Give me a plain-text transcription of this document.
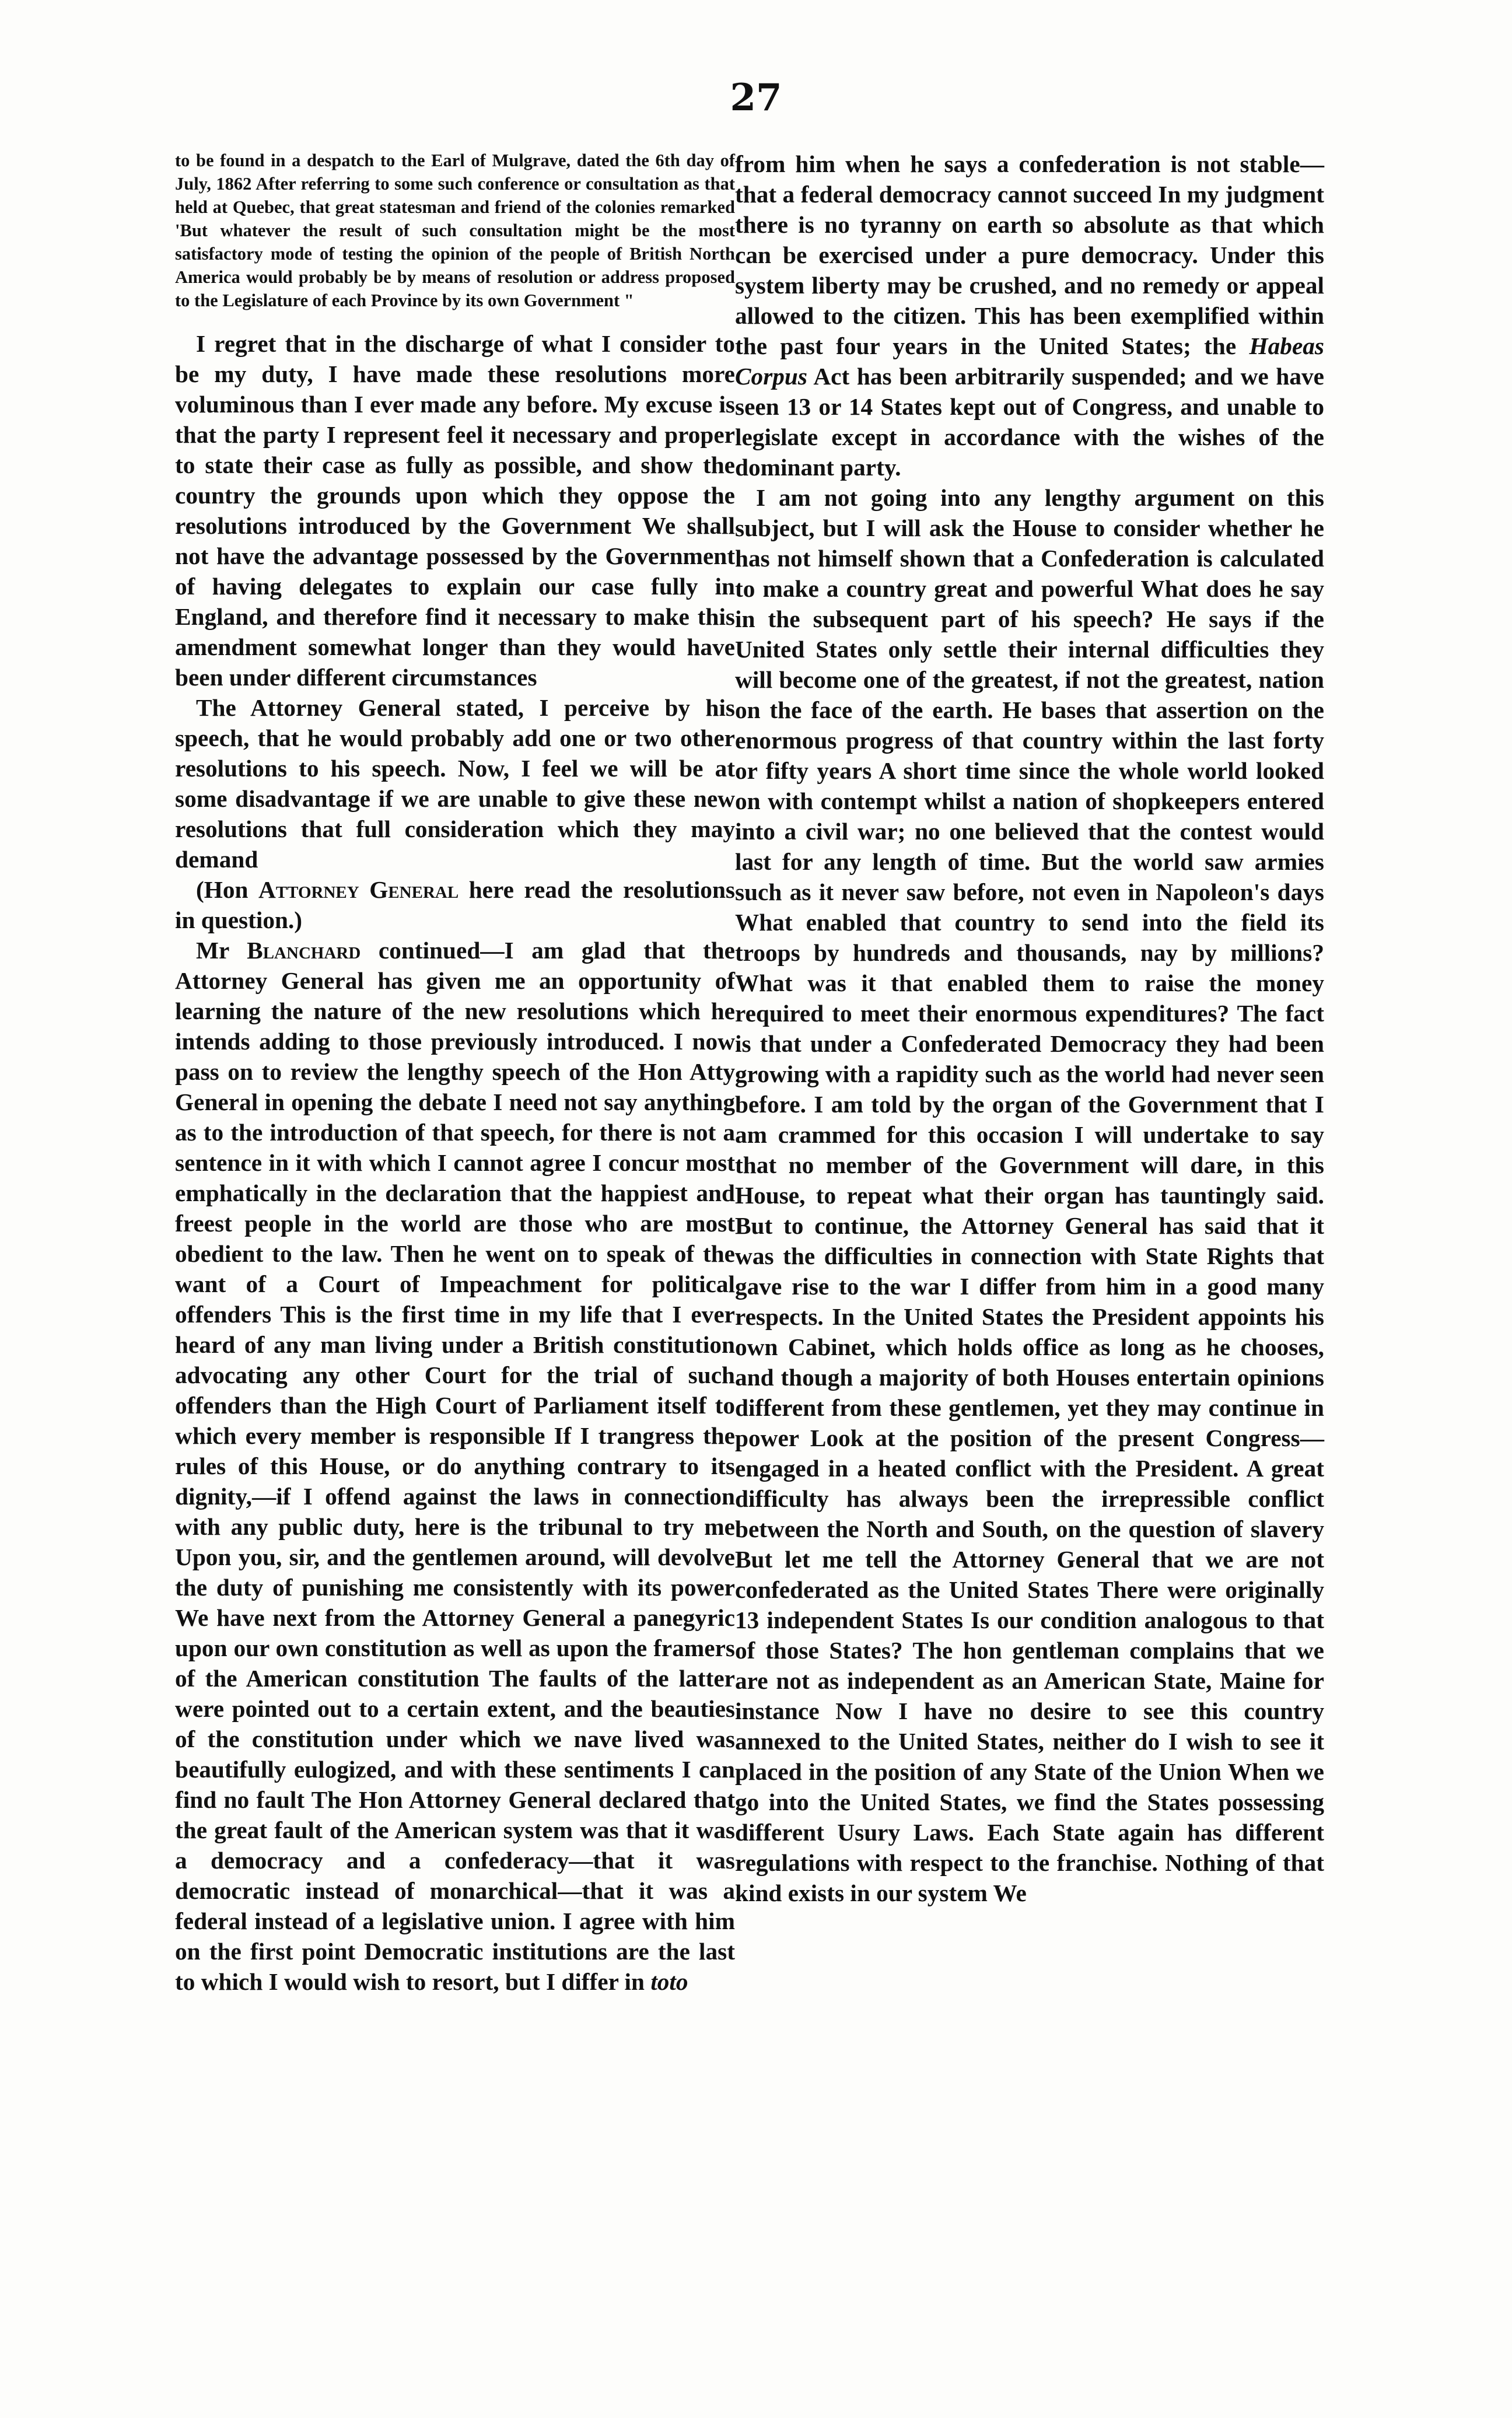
27

to be found in a despatch to the Earl of Mulgrave, dated the 6th day of July, 1862 After referring to some such conference or consultation as that held at Quebec, that great statesman and friend of the colonies remarked 'But whatever the result of such consultation might be the most satisfactory mode of testing the opinion of the people of British North America would probably be by means of resolution or address proposed to the Legislature of each Province by its own Government "

I regret that in the discharge of what I consider to be my duty, I have made these resolutions more voluminous than I ever made any before. My excuse is that the party I represent feel it necessary and proper to state their case as fully as possible, and show the country the grounds upon which they oppose the resolutions introduced by the Government We shall not have the advantage possessed by the Government of having delegates to explain our case fully in England, and therefore find it necessary to make this amendment somewhat longer than they would have been under different circumstances

The Attorney General stated, I perceive by his speech, that he would probably add one or two other resolutions to his speech. Now, I feel we will be at some disadvantage if we are unable to give these new resolutions that full consideration which they may demand

(Hon Attorney General here read the resolutions in question.)

Mr Blanchard continued—I am glad that the Attorney General has given me an opportunity of learning the nature of the new resolutions which he intends adding to those previously introduced. I now pass on to review the lengthy speech of the Hon Atty General in opening the debate I need not say anything as to the introduction of that speech, for there is not a sentence in it with which I cannot agree I concur most emphatically in the declaration that the happiest and freest people in the world are those who are most obedient to the law. Then he went on to speak of the want of a Court of Impeachment for political offenders This is the first time in my life that I ever heard of any man living under a British constitution advocating any other Court for the trial of such offenders than the High Court of Parliament itself to which every member is responsible If I trangress the rules of this House, or do anything contrary to its dignity,—if I offend against the laws in connection with any public duty, here is the tribunal to try me Upon you, sir, and the gentlemen around, will devolve the duty of punishing me consistently with its power We have next from the Attorney General a panegyric upon our own constitution as well as upon the framers of the American constitution The faults of the latter were pointed out to a certain extent, and the beauties of the constitution under which we nave lived was beautifully eulogized, and with these sentiments I can find no fault The Hon Attorney General declared that the great fault of the American system was that it was a democracy and a confederacy—that it was democratic instead of monarchical—that it was a federal instead of a legislative union. I agree with him on the first point Democratic institutions are the last to which I would wish to resort, but I differ in toto

from him when he says a confederation is not stable—that a federal democracy cannot succeed In my judgment there is no tyranny on earth so absolute as that which can be exercised under a pure democracy. Under this system liberty may be crushed, and no remedy or appeal allowed to the citizen. This has been exemplified within the past four years in the United States; the Habeas Corpus Act has been arbitrarily suspended; and we have seen 13 or 14 States kept out of Congress, and unable to legislate except in accordance with the wishes of the dominant party.

I am not going into any lengthy argument on this subject, but I will ask the House to consider whether he has not himself shown that a Confederation is calculated to make a country great and powerful What does he say in the subsequent part of his speech? He says if the United States only settle their internal difficulties they will become one of the greatest, if not the greatest, nation on the face of the earth. He bases that assertion on the enormous progress of that country within the last forty or fifty years A short time since the whole world looked on with contempt whilst a nation of shopkeepers entered into a civil war; no one believed that the contest would last for any length of time. But the world saw armies such as it never saw before, not even in Napoleon's days What enabled that country to send into the field its troops by hundreds and thousands, nay by millions? What was it that enabled them to raise the money required to meet their enormous expenditures? The fact is that under a Confederated Democracy they had been growing with a rapidity such as the world had never seen before. I am told by the organ of the Government that I am crammed for this occasion I will undertake to say that no member of the Government will dare, in this House, to repeat what their organ has tauntingly said. But to continue, the Attorney General has said that it was the difficulties in connection with State Rights that gave rise to the war I differ from him in a good many respects. In the United States the President appoints his own Cabinet, which holds office as long as he chooses, and though a majority of both Houses entertain opinions different from these gentlemen, yet they may continue in power Look at the position of the present Congress—engaged in a heated conflict with the President. A great difficulty has always been the irrepressible conflict between the North and South, on the question of slavery But let me tell the Attorney General that we are not confederated as the United States There were originally 13 independent States Is our condition analogous to that of those States? The hon gentleman complains that we are not as independent as an American State, Maine for instance Now I have no desire to see this country annexed to the United States, neither do I wish to see it placed in the position of any State of the Union When we go into the United States, we find the States possessing different Usury Laws. Each State again has different regulations with respect to the franchise. Nothing of that kind exists in our system We
